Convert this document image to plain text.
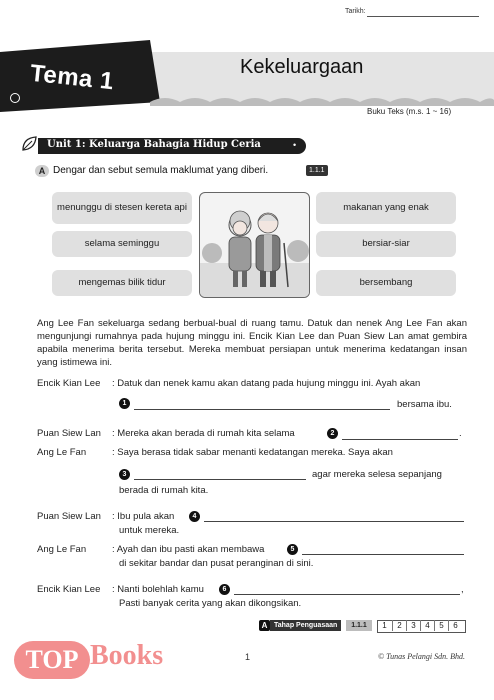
Tarikh:
Tema 1	Kekeluargaan
Buku Teks (m.s. 1 ~ 16)
Unit 1: Keluarga Bahagia Hidup Ceria	•
A Dengar dan sebut semula maklumat yang diberi.	1.1.1
menunggu di stesen kereta api
selama seminggu
mengemas bilik tidur
makanan yang enak
bersiar-siar
bersembang
Ang Lee Fan sekeluarga sedang berbual-bual di ruang tamu. Datuk dan nenek Ang Lee Fan akan mengunjungi rumahnya pada hujung minggu ini. Encik Kian Lee dan Puan Siew Lan amat gembira apabila menerima berita tersebut. Mereka membuat persiapan untuk menerima kedatangan insan yang istimewa ini.
Encik Kian Lee : Datuk dan nenek kamu akan datang pada hujung minggu ini. Ayah akan
1	bersama ibu.
Puan Siew Lan : Mereka akan berada di rumah kita selama	2	.
Ang Le Fan	: Saya berasa tidak sabar menanti kedatangan mereka. Saya akan
3	agar mereka selesa sepanjang
berada di rumah kita.
Puan Siew Lan : Ibu pula akan	4
untuk mereka.
Ang Le Fan	: Ayah dan ibu pasti akan membawa	5
di sekitar bandar dan pusat peranginan di sini.
Encik Kian Lee : Nanti bolehlah kamu	6	,
Pasti banyak cerita yang akan dikongsikan.
A Tahap Penguasaan	1.1.1	1	2	3	4	5	6
1	© Tunas Pelangi Sdn. Bhd.
TOP Books
